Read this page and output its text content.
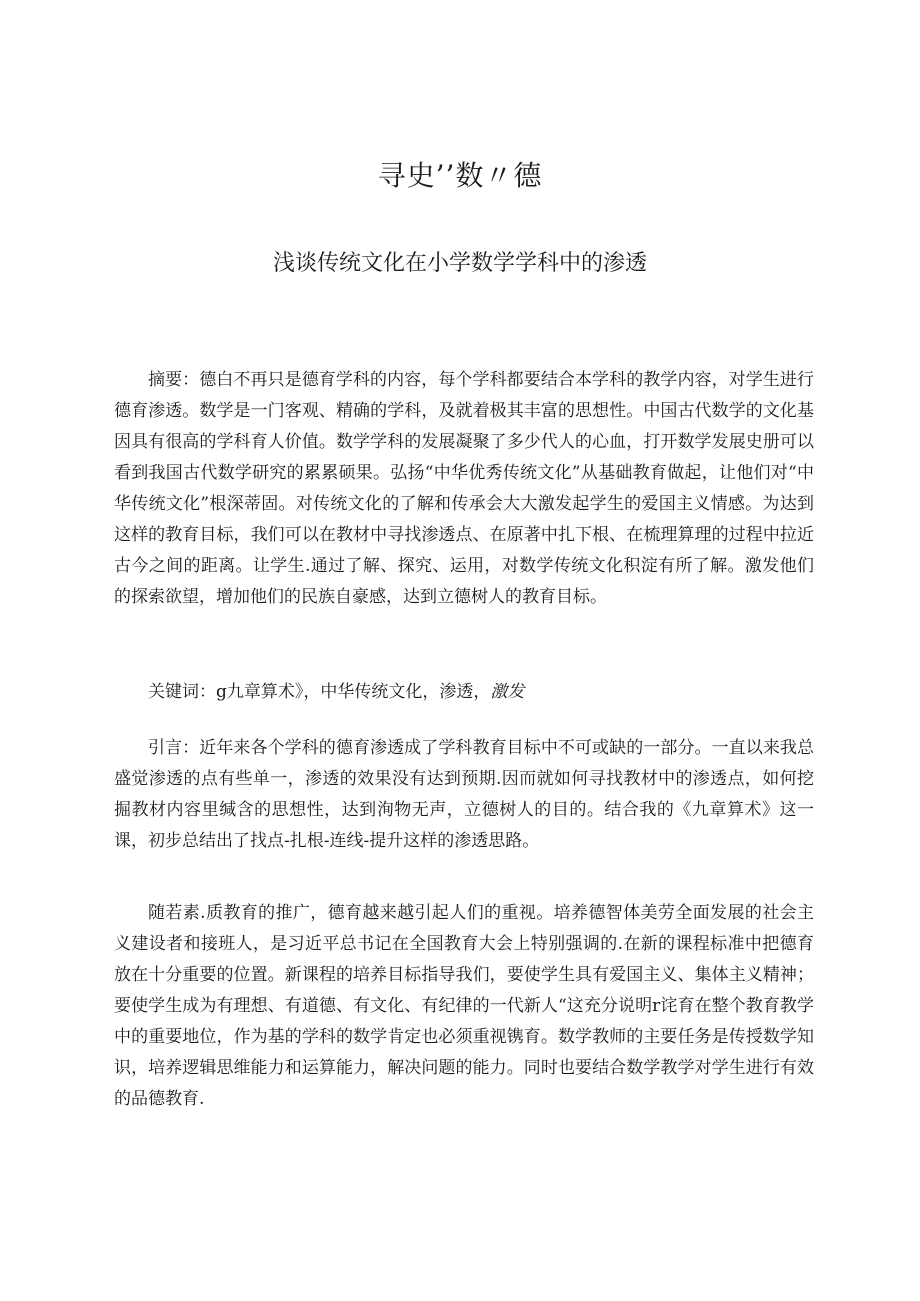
寻史’’数〃德
浅谈传统文化在小学数学学科中的渗透

摘要：德白不再只是德育学科的内容，每个学科都要结合本学科的教学内容，对学生进行德育渗透。数学是一门客观、精确的学科，及就着极其丰富的思想性。中国古代数学的文化基因具有很高的学科育人价值。数学学科的发展凝聚了多少代人的心血，打开数学发展史册可以看到我国古代数学研究的累累硕果。弘扬“中华优秀传统文化”从基础教育做起，让他们对“中华传统文化”根深蒂固。对传统文化的了解和传承会大大激发起学生的爱国主义情感。为达到这样的教育目标，我们可以在教材中寻找渗透点、在原著中扎下根、在梳理算理的过程中拉近古今之间的距离。让学生.通过了解、探究、运用，对数学传统文化积淀有所了解。激发他们的探索欲望，增加他们的民族自豪感，达到立德树人的教育目标。

关键词：g九章算术》，中华传统文化，渗透，激发

引言：近年来各个学科的德育渗透成了学科教育目标中不可或缺的一部分。一直以来我总盛觉渗透的点有些单一，渗透的效果没有达到预期.因而就如何寻找教材中的渗透点，如何挖掘教材内容里缄含的思想性，达到洵物无声，立德树人的目的。结合我的《九章算术》这一课，初步总结出了找点-扎根-连线-提升这样的渗透思路。

随若素.质教育的推广，德育越来越引起人们的重视。培养德智体美劳全面发展的社会主义建设者和接班人，是习近平总书记在全国教育大会上特别强调的.在新的课程标准中把德育放在十分重要的位置。新课程的培养目标指导我们，要使学生具有爱国主义、集体主义精神；要使学生成为有理想、有道德、有文化、有纪律的一代新人“这充分说明r诧育在整个教育教学中的重要地位，作为基的学科的数学肯定也必须重视镌育。数学教师的主要任务是传授数学知识，培养逻辑思维能力和运算能力，解决问题的能力。同时也要结合数学教学对学生进行有效的品德教育.
